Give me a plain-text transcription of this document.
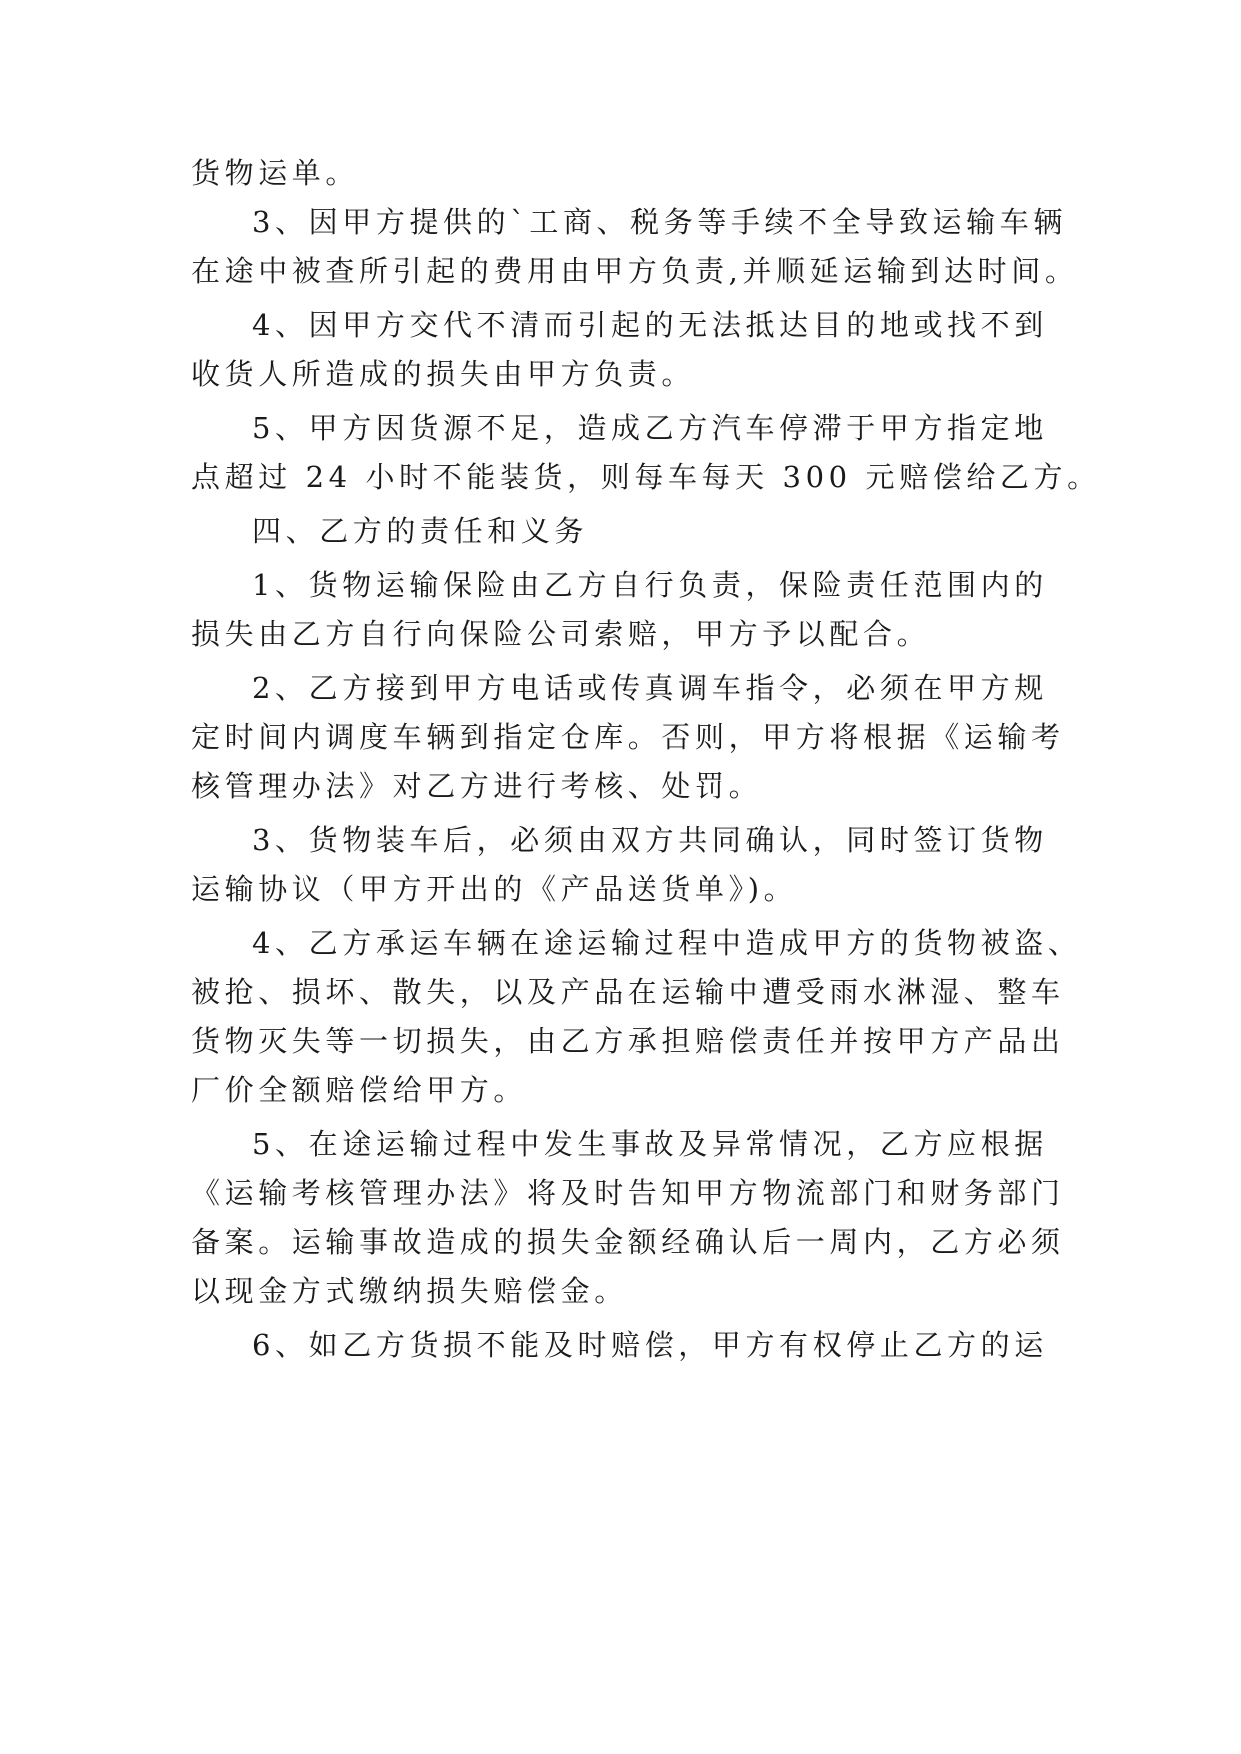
货物运单。
3、因甲方提供的`工商、税务等手续不全导致运输车辆
在途中被查所引起的费用由甲方负责,并顺延运输到达时间。
4、因甲方交代不清而引起的无法抵达目的地或找不到
收货人所造成的损失由甲方负责。
5、甲方因货源不足，造成乙方汽车停滞于甲方指定地
点超过 24 小时不能装货，则每车每天 300 元赔偿给乙方。
四、乙方的责任和义务
1、货物运输保险由乙方自行负责，保险责任范围内的
损失由乙方自行向保险公司索赔，甲方予以配合。
2、乙方接到甲方电话或传真调车指令，必须在甲方规
定时间内调度车辆到指定仓库。否则，甲方将根据《运输考
核管理办法》对乙方进行考核、处罚。
3、货物装车后，必须由双方共同确认，同时签订货物
运输协议（甲方开出的《产品送货单》)。
4、乙方承运车辆在途运输过程中造成甲方的货物被盗、
被抢、损坏、散失，以及产品在运输中遭受雨水淋湿、整车
货物灭失等一切损失，由乙方承担赔偿责任并按甲方产品出
厂价全额赔偿给甲方。
5、在途运输过程中发生事故及异常情况，乙方应根据
《运输考核管理办法》将及时告知甲方物流部门和财务部门
备案。运输事故造成的损失金额经确认后一周内，乙方必须
以现金方式缴纳损失赔偿金。
6、如乙方货损不能及时赔偿，甲方有权停止乙方的运
